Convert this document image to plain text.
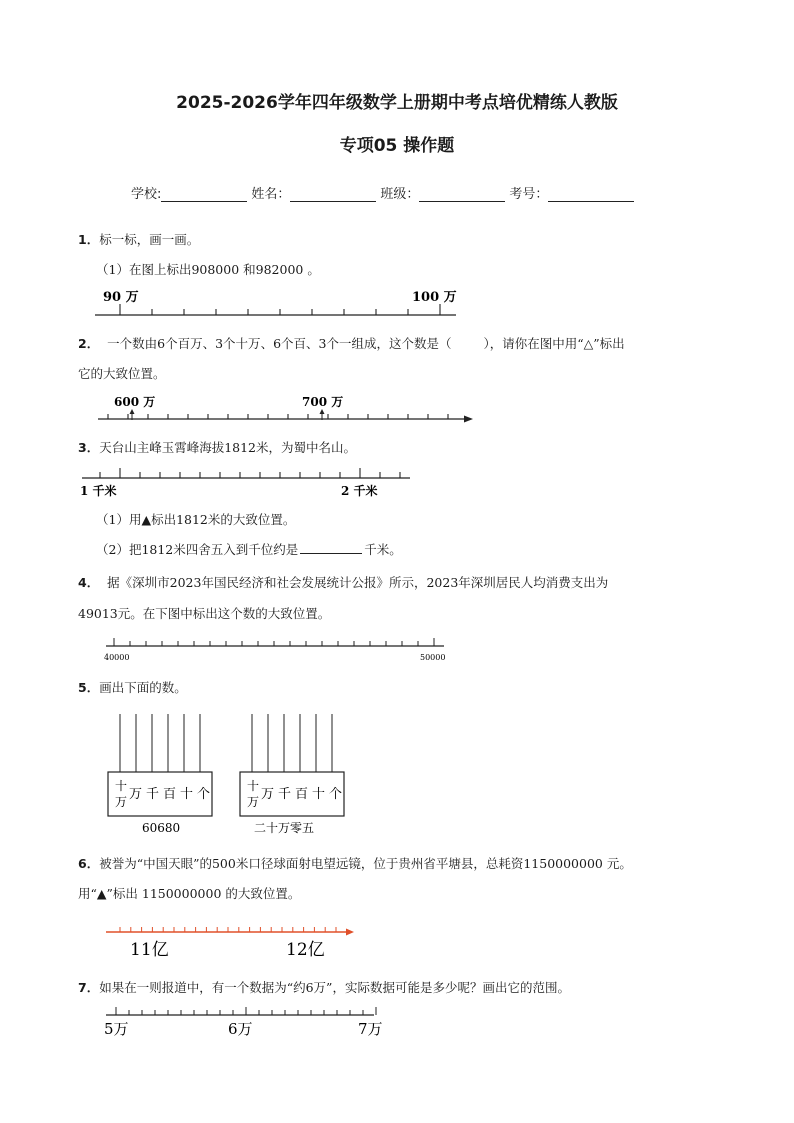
2025-2026学年四年级数学上册期中考点培优精练人教版
专项05 操作题
学校:	姓名：	班级：	考号：
1．标一标，画一画。
（1）在图上标出908000 和982000 。
90 万	100 万
2． 一个数由6个百万、3个十万、6个百、3个一组成，这个数是（	），请你在图中用“△”标出
它的大致位置。
600 万	700 万
3．天台山主峰玉霄峰海拔1812米，为蜀中名山。
1 千米	2 千米
（1）用▲标出1812米的大致位置。
（2）把1812米四舍五入到千位约是	千米。
4． 据《深圳市2023年国民经济和社会发展统计公报》所示，2023年深圳居民人均消费支出为
49013元。在下图中标出这个数的大致位置。
40000	50000
5．画出下面的数。
十
万 万 千 百 十 个
60680
十
万 万 千 百 十 个
二十万零五
6．被誉为“中国天眼”的500米口径球面射电望远镜，位于贵州省平塘县，总耗资1150000000 元。
用“▲”标出 1150000000 的大致位置。
11亿	12亿
7．如果在一则报道中，有一个数据为“约6万”，实际数据可能是多少呢？画出它的范围。
5万	6万	7万
